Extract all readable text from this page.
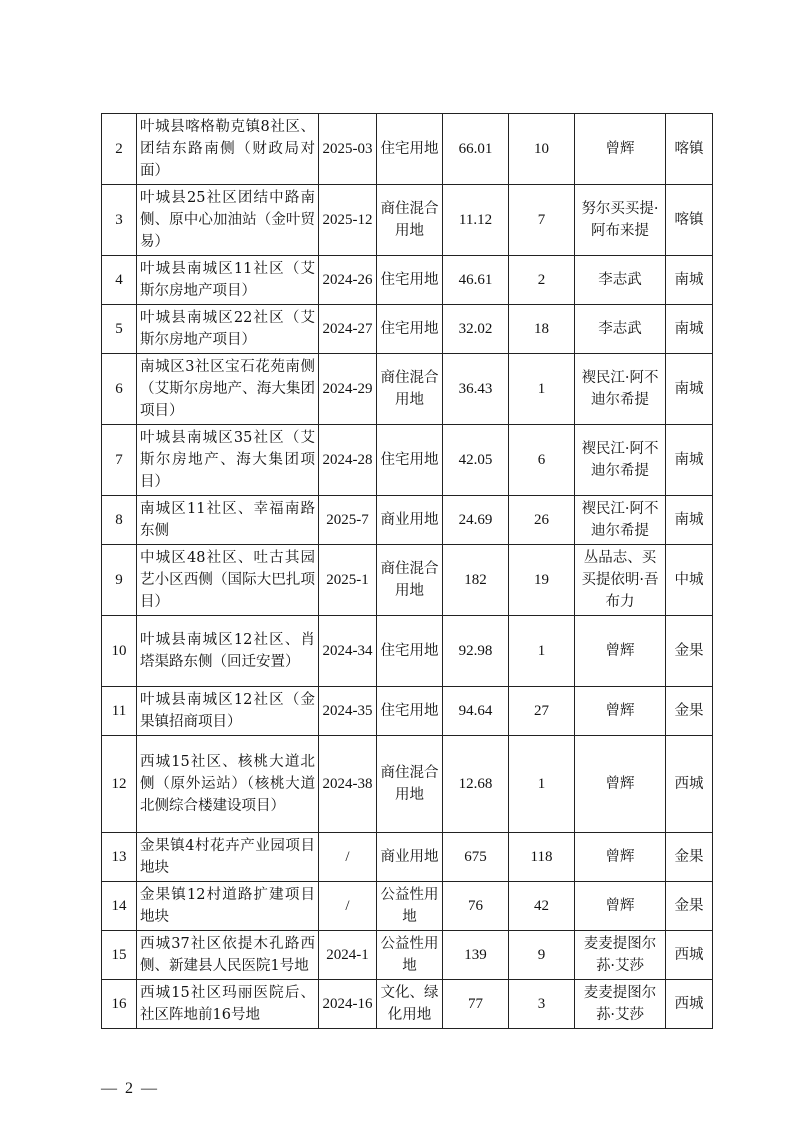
2	叶城县喀格勒克镇8社区、团结东路南侧（财政局对面）	2025-03	住宅用地	66.01	10	曾辉	喀镇
3	叶城县25社区团结中路南侧、原中心加油站（金叶贸易）	2025-12	商住混合用地	11.12	7	努尔买买提·阿布来提	喀镇
4	叶城县南城区11社区（艾斯尔房地产项目）	2024-26	住宅用地	46.61	2	李志武	南城
5	叶城县南城区22社区（艾斯尔房地产项目）	2024-27	住宅用地	32.02	18	李志武	南城
6	南城区3社区宝石花苑南侧（艾斯尔房地产、海大集团项目）	2024-29	商住混合用地	36.43	1	褉民江·阿不迪尔希提	南城
7	叶城县南城区35社区（艾斯尔房地产、海大集团项目）	2024-28	住宅用地	42.05	6	褉民江·阿不迪尔希提	南城
8	南城区11社区、幸福南路东侧	2025-7	商业用地	24.69	26	褉民江·阿不迪尔希提	南城
9	中城区48社区、吐古其园艺小区西侧（国际大巴扎项目）	2025-1	商住混合用地	182	19	丛品志、买买提依明·吾布力	中城
10	叶城县南城区12社区、肖塔渠路东侧（回迁安置）	2024-34	住宅用地	92.98	1	曾辉	金果
11	叶城县南城区12社区（金果镇招商项目）	2024-35	住宅用地	94.64	27	曾辉	金果
12	西城15社区、核桃大道北侧（原外运站）（核桃大道北侧综合楼建设项目）	2024-38	商住混合用地	12.68	1	曾辉	西城
13	金果镇4村花卉产业园项目地块	/	商业用地	675	118	曾辉	金果
14	金果镇12村道路扩建项目地块	/	公益性用地	76	42	曾辉	金果
15	西城37社区依提木孔路西侧、新建县人民医院1号地	2024-1	公益性用地	139	9	麦麦提图尔荪·艾莎	西城
16	西城15社区玛丽医院后、社区阵地前16号地	2024-16	文化、绿化用地	77	3	麦麦提图尔荪·艾莎	西城
— 2 —
